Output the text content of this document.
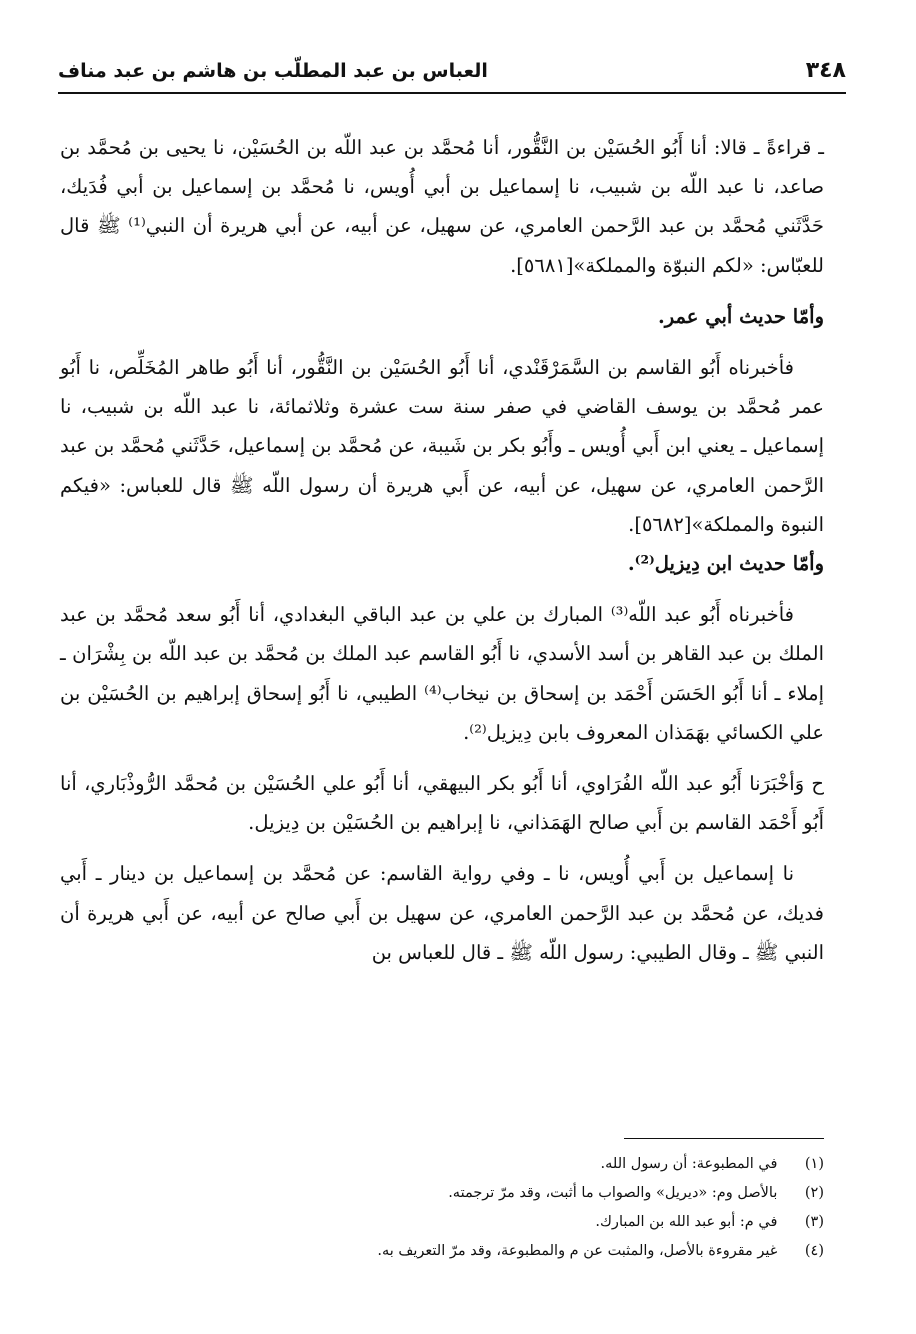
٣٤٨
العباس بن عبد المطلّب بن هاشم بن عبد مناف

ـ قراءةً ـ قالا: أنا أَبُو الحُسَيْن بن النَّقُّور، أنا مُحمَّد بن عبد اللّه بن الحُسَيْن، نا يحيى بن مُحمَّد بن صاعد، نا عبد اللّه بن شبيب، نا إسماعيل بن أبي أُويس، نا مُحمَّد بن إسماعيل بن أبي فُدَيك، حَدَّثَني مُحمَّد بن عبد الرَّحمن العامري، عن سهيل، عن أبيه، عن أبي هريرة أن النبي⁽¹⁾ ﷺ قال للعبّاس: «لكم النبوّة والمملكة»[٥٦٨١].

وأمّا حديث أبي عمر.

فأخبرناه أَبُو القاسم بن السَّمَرْقَنْدي، أنا أَبُو الحُسَيْن بن النَّقُّور، أنا أَبُو طاهر المُخَلِّص، نا أَبُو عمر مُحمَّد بن يوسف القاضي في صفر سنة ست عشرة وثلاثمائة، نا عبد اللّه بن شبيب، نا إسماعيل ـ يعني ابن أَبي أُويس ـ وأَبُو بكر بن شَيبة، عن مُحمَّد بن إسماعيل، حَدَّثَني مُحمَّد بن عبد الرَّحمن العامري، عن سهيل، عن أبيه، عن أَبي هريرة أن رسول اللّه ﷺ قال للعباس: «فيكم النبوة والمملكة»[٥٦٨٢].

وأمّا حديث ابن دِيزيل⁽²⁾.

فأخبرناه أَبُو عبد اللّه⁽³⁾ المبارك بن علي بن عبد الباقي البغدادي، أنا أَبُو سعد مُحمَّد بن عبد الملك بن عبد القاهر بن أسد الأسدي، نا أَبُو القاسم عبد الملك بن مُحمَّد بن عبد اللّه بن بِشْرَان ـ إملاء ـ أنا أَبُو الحَسَن أَحْمَد بن إسحاق بن نيخاب⁽⁴⁾ الطيبي، نا أَبُو إسحاق إبراهيم بن الحُسَيْن بن علي الكسائي بهَمَذان المعروف بابن دِيزيل⁽²⁾.

ح وَأخْبَرَنا أَبُو عبد اللّه الفُرَاوي، أنا أَبُو بكر البيهقي، أنا أَبُو علي الحُسَيْن بن مُحمَّد الرُّوذْبَاري، أنا أَبُو أَحْمَد القاسم بن أَبي صالح الهَمَذاني، نا إبراهيم بن الحُسَيْن بن دِيزيل.

نا إسماعيل بن أَبي أُويس، نا ـ وفي رواية القاسم: عن مُحمَّد بن إسماعيل بن دينار ـ أَبي فديك، عن مُحمَّد بن عبد الرَّحمن العامري، عن سهيل بن أَبي صالح عن أبيه، عن أَبي هريرة أن النبي ﷺ ـ وقال الطيبي: رسول اللّه ﷺ ـ قال للعباس بن

(١) في المطبوعة: أن رسول الله.
(٢) بالأصل وم: «ديريل» والصواب ما أثبت، وقد مرّ ترجمته.
(٣) في م: أبو عبد الله بن المبارك.
(٤) غير مقروءة بالأصل، والمثبت عن م والمطبوعة، وقد مرّ التعريف به.
